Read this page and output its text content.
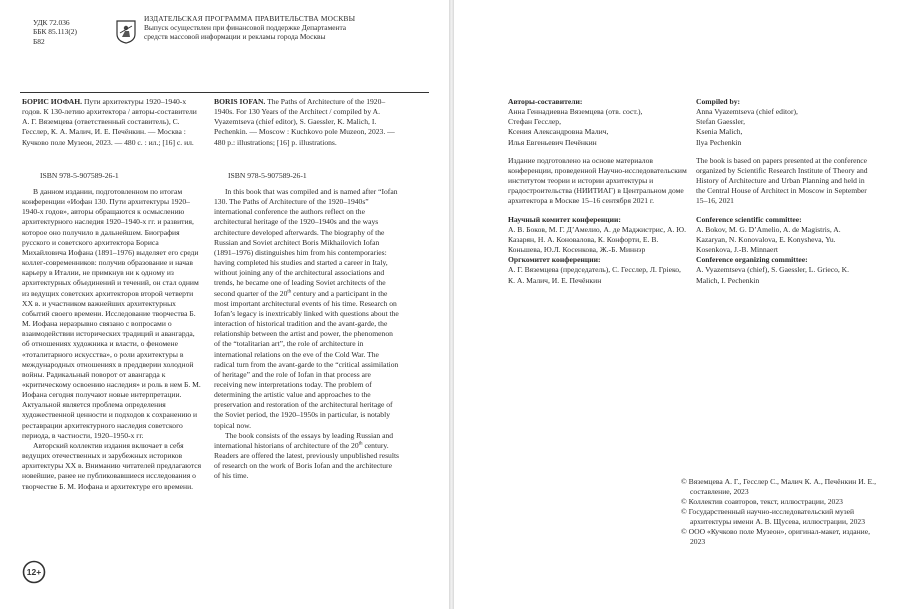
УДК 72.036
ББК 85.113(2)
Б82
ИЗДАТЕЛЬСКАЯ ПРОГРАММА ПРАВИТЕЛЬСТВА МОСКВЫ
Выпуск осуществлен при финансовой поддержке Департамента
средств массовой информации и рекламы города Москвы

БОРИС ИОФАН. Пути архитектуры 1920–1940-х годов. К 130-летию архитектора / авторы-составители А. Г. Вяземцева (ответственный составитель), С. Гесслер, К. А. Малич, И. Е. Печёнкин. — Москва : Кучково поле Музеон, 2023. — 480 с. : ил.; [16] с. ил.

ISBN 978-5-907589-26-1

В данном издании, подготовленном по итогам конференции «Иофан 130. Пути архитектуры 1920–1940-х годов», авторы обращаются к осмыслению архитектурного наследия 1920–1940-х гг. и развития, которое оно получило в дальнейшем. Биография русского и советского архитектора Бориса Михайловича Иофана (1891–1976) выделяет его среди коллег-современников: получив образование и начав карьеру в Италии, не примкнув ни к одному из архитектурных объединений и течений, он стал одним из ведущих советских архитекторов второй четверти XX в. и участником важнейших архитектурных событий своего времени. Исследование творчества Б. М. Иофана неразрывно связано с вопросами о взаимодействии исторических традиций и авангарда, об отношениях художника и власти, о феномене «тоталитарного искусства», о роли архитектуры в международных отношениях в преддверии холодной войны. Радикальный поворот от авангарда к «критическому освоению наследия» и роль в нем Б. М. Иофана сегодня получают новые интерпретации. Актуальной является проблема определения художественной ценности и подходов к сохранению и реставрации архитектурного наследия советского периода, в частности, 1920–1950-х гг.

Авторский коллектив издания включает в себя ведущих отечественных и зарубежных историков архитектуры XX в. Вниманию читателей предлагаются новейшие, ранее не публиковавшиеся исследования о творчестве Б. М. Иофана и архитектуре его времени.

BORIS IOFAN. The Paths of Architecture of the 1920–1940s. For 130 Years of the Architect / compiled by A. Vyazemtseva (chief editor), S. Gaessler, K. Malich, I. Pechenkin. — Moscow : Kuchkovo pole Muzeon, 2023. — 480 p.: illustrations; [16] p. illustrations.

ISBN 978-5-907589-26-1

In this book that was compiled and is named after “Iofan 130. The Paths of Architecture of the 1920–1940s” international conference the authors reflect on the architectural heritage of the 1920–1940s and the ways architecture developed afterwards. The biography of the Russian and Soviet architect Boris Mikhailovich Iofan (1891–1976) distinguishes him from his contemporaries: having completed his studies and started a career in Italy, without joining any of the architectural associations and trends, he became one of leading Soviet architects of the second quarter of the 20th century and a participant in the most important architectural events of his time. Research on Iofan’s legacy is inextricably linked with questions about the interaction of historical tradition and the avant-garde, the relationship between the artist and power, the phenomenon of the “totalitarian art”, the role of architecture in international relations on the eve of the Cold War. The radical turn from the avant-garde to the “critical assimilation of heritage” and the role of Iofan in that process are receiving new interpretations today. The problem of determining the artistic value and approaches to the preservation and restoration of the architectural heritage of the Soviet period, the 1920–1950s in particular, is notably topical now.

The book consists of the essays by leading Russian and international historians of architecture of the 20th century. Readers are offered the latest, previously unpublished results of research on the work of Boris Iofan and the architecture of his time.

12+

Авторы-составители:

Анна Геннадиевна Вяземцева (отв. сост.),

Стефан Гесслер,

Ксения Александровна Малич,

Илья Евгеньевич Печёнкин

Издание подготовлено на основе материалов конференции, проведенной Научно-исследовательским институтом теории и истории архитектуры и градостроительства (НИИТИАГ) в Центральном доме архитектора в Москве 15–16 сентября 2021 г.

Научный комитет конференции:

А. В. Боков, М. Г. Д’Амелио, А. де Маджистрис, А. Ю. Казарян, Н. А. Коновалова, К. Конфорти, Е. В. Коньшева, Ю.Л. Косенкова, Ж.-Б. Миннэр

Оргкомитет конференции:

А. Г. Вяземцева (председатель), С. Гесслер, Л. Грieко, К. А. Малич, И. Е. Печёнкин

Compiled by:

Anna Vyazemtseva (chief editor),

Stefan Gaessler,

Ksenia Malich,

Ilya Pechenkin

The book is based on papers presented at the conference organized by Scientific Research Institute of Theory and History of Architecture and Urban Planning and held in the Central House of Architect in Moscow in September 15–16, 2021

Conference scientific committee:

A. Bokov, M. G. D’Amelio, A. de Magistris, A. Kazaryan, N. Konovalova, E. Konysheva, Yu. Kosenkova, J.-B. Minnaert

Conference organizing committee:

A. Vyazemtseva (chief), S. Gaessler, L. Grieco, K. Malich, I. Pechenkin

© Вяземцева А. Г., Гесслер С., Малич К. А., Печёнкин И. Е., составление, 2023
© Коллектив соавторов, текст, иллюстрации, 2023
© Государственный научно-исследовательский музей архитектуры имени А. В. Щусева, иллюстрации, 2023
© ООО «Кучково поле Музеон», оригинал-макет, издание, 2023
